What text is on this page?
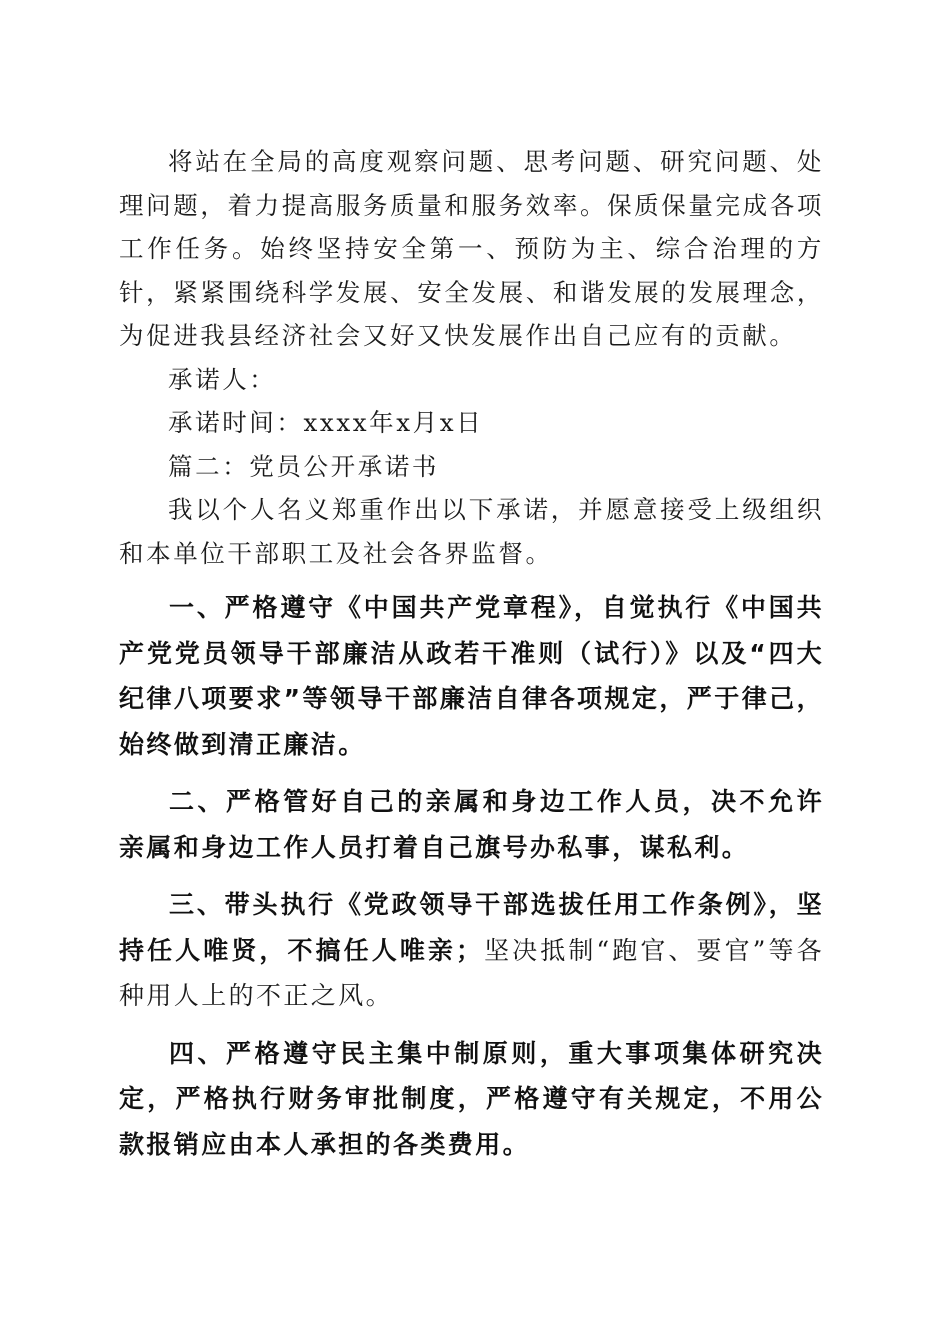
将站在全局的高度观察问题、思考问题、研究问题、处理问题，着力提高服务质量和服务效率。保质保量完成各项工作任务。始终坚持安全第一、预防为主、综合治理的方针，紧紧围绕科学发展、安全发展、和谐发展的发展理念，为促进我县经济社会又好又快发展作出自己应有的贡献。

承诺人：

承诺时间：xxxx年x月x日

篇二：党员公开承诺书

我以个人名义郑重作出以下承诺，并愿意接受上级组织和本单位干部职工及社会各界监督。

一、严格遵守《中国共产党章程》，自觉执行《中国共产党党员领导干部廉洁从政若干准则（试行）》以及“四大纪律八项要求”等领导干部廉洁自律各项规定，严于律己，始终做到清正廉洁。

二、严格管好自己的亲属和身边工作人员，决不允许亲属和身边工作人员打着自己旗号办私事，谋私利。

三、带头执行《党政领导干部选拔任用工作条例》，坚持任人唯贤，不搞任人唯亲；坚决抵制“跑官、要官”等各种用人上的不正之风。

四、严格遵守民主集中制原则，重大事项集体研究决定，严格执行财务审批制度，严格遵守有关规定，不用公款报销应由本人承担的各类费用。
